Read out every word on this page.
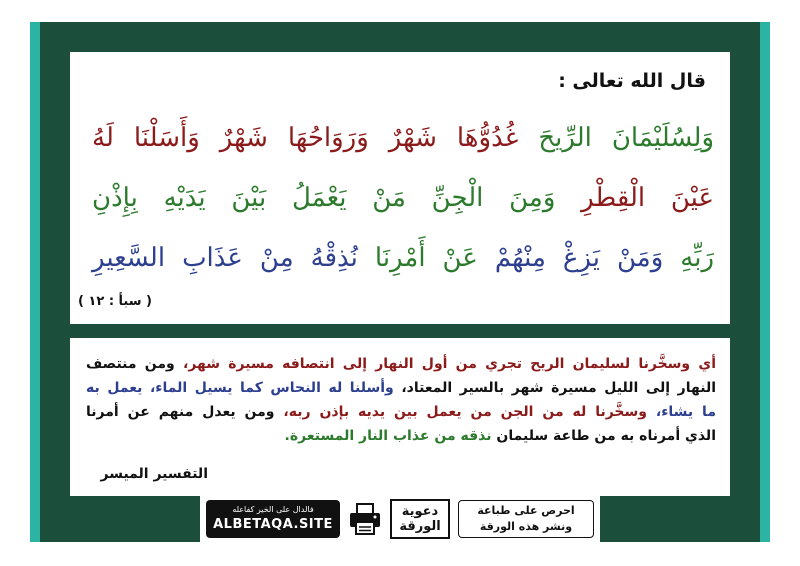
قال الله تعالى :
وَلِسُلَيْمَانَ الرِّيحَ غُدُوُّهَا شَهْرٌ وَرَوَاحُهَا شَهْرٌ وَأَسَلْنَا لَهُ
عَيْنَ الْقِطْرِ وَمِنَ الْجِنِّ مَنْ يَعْمَلُ بَيْنَ يَدَيْهِ بِإِذْنِ
رَبِّهِ وَمَنْ يَزِغْ مِنْهُمْ عَنْ أَمْرِنَا نُذِقْهُ مِنْ عَذَابِ السَّعِيرِ
( سبأ : ١٢ )
أي وسخَّرنا لسليمان الريح تجري من أول النهار إلى انتصافه مسيرة شهر، ومن منتصف
النهار إلى الليل مسيرة شهر بالسير المعتاد، وأسلنا له النحاس كما يسيل الماء، يعمل به
ما يشاء، وسخَّرنا له من الجن من يعمل بين يديه بإذن ربه، ومن يعدل منهم عن أمرنا
الذي أمرناه به من طاعة سليمان نذقه من عذاب النار المستعرة.
التفسير الميسر
فالدال على الخير كفاعله
ALBETAQA.SITE
دعوية
الورقة
احرص على طباعة
ونشر هذه الورقة
